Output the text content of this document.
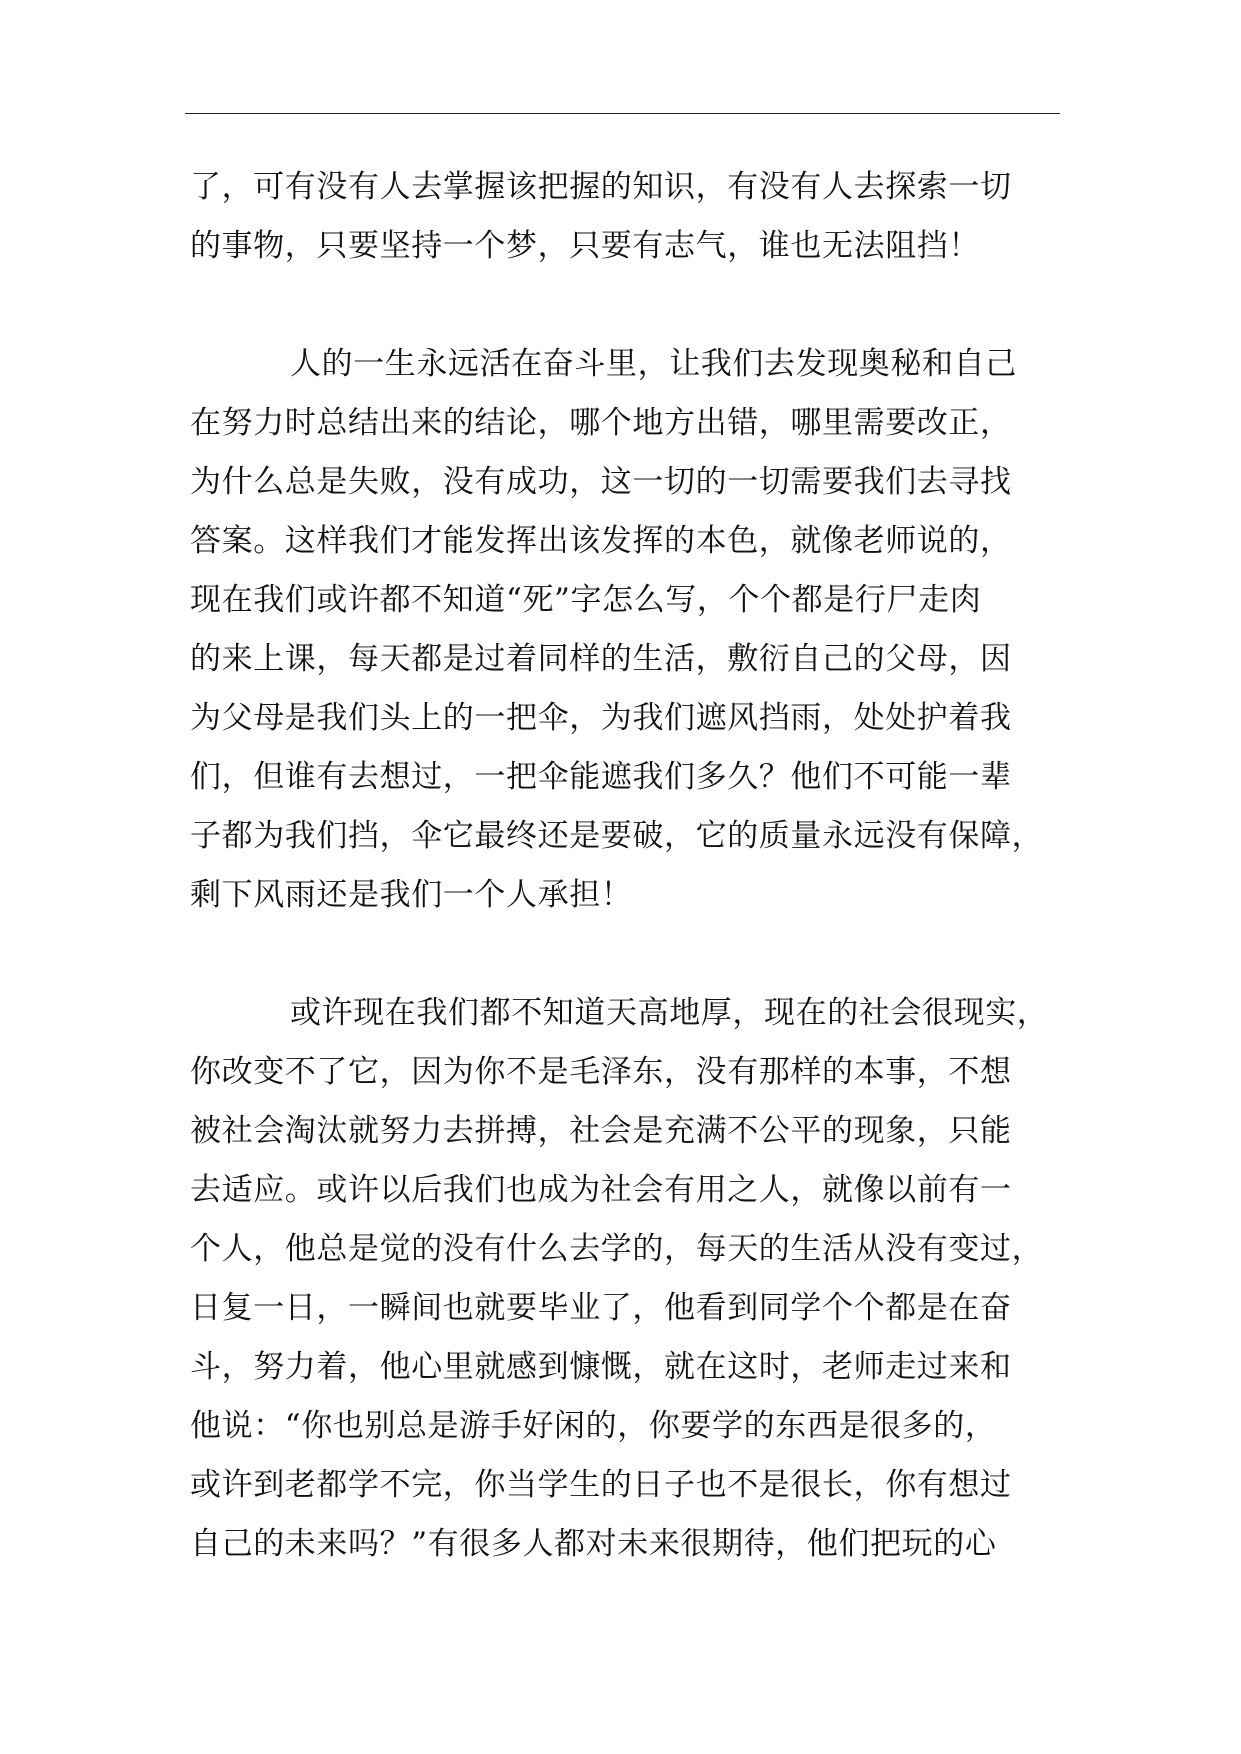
了，可有没有人去掌握该把握的知识，有没有人去探索一切
的事物，只要坚持一个梦，只要有志气，谁也无法阻挡！
人的一生永远活在奋斗里，让我们去发现奥秘和自己
在努力时总结出来的结论，哪个地方出错，哪里需要改正，
为什么总是失败，没有成功，这一切的一切需要我们去寻找
答案。这样我们才能发挥出该发挥的本色，就像老师说的，
现在我们或许都不知道“死”字怎么写，个个都是行尸走肉
的来上课，每天都是过着同样的生活，敷衍自己的父母，因
为父母是我们头上的一把伞，为我们遮风挡雨，处处护着我
们，但谁有去想过，一把伞能遮我们多久？他们不可能一辈
子都为我们挡，伞它最终还是要破，它的质量永远没有保障，
剩下风雨还是我们一个人承担！
或许现在我们都不知道天高地厚，现在的社会很现实，
你改变不了它，因为你不是毛泽东，没有那样的本事，不想
被社会淘汰就努力去拼搏，社会是充满不公平的现象，只能
去适应。或许以后我们也成为社会有用之人，就像以前有一
个人，他总是觉的没有什么去学的，每天的生活从没有变过，
日复一日，一瞬间也就要毕业了，他看到同学个个都是在奋
斗，努力着，他心里就感到慷慨，就在这时，老师走过来和
他说：“你也别总是游手好闲的，你要学的东西是很多的，
或许到老都学不完，你当学生的日子也不是很长，你有想过
自己的未来吗？”有很多人都对未来很期待，他们把玩的心
